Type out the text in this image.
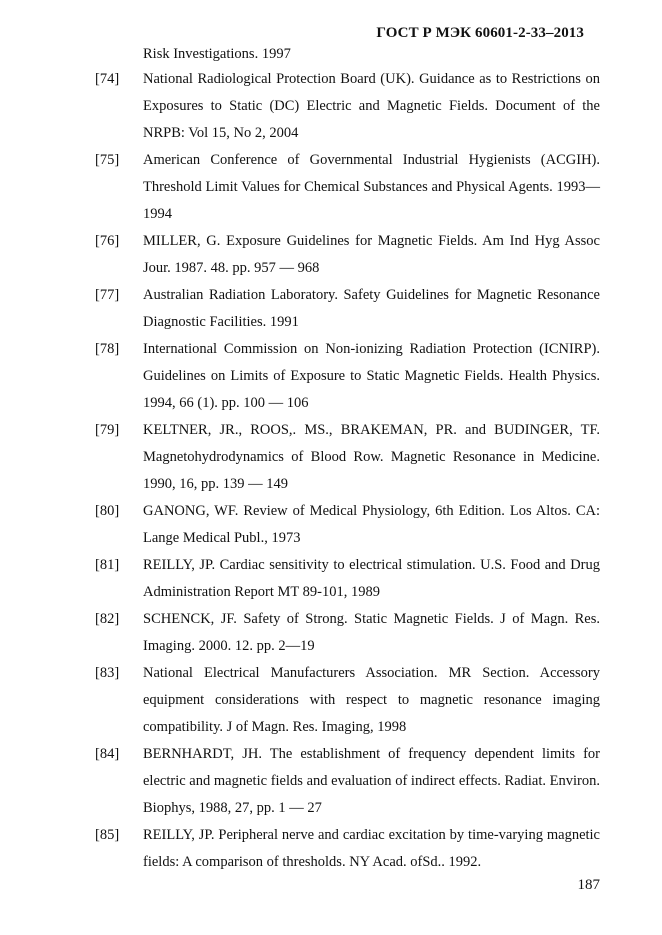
ГОСТ Р МЭК 60601-2-33–2013
Risk Investigations. 1997
[74] National Radiological Protection Board (UK). Guidance as to Restrictions on Exposures to Static (DC) Electric and Magnetic Fields. Document of the NRPB: Vol 15, No 2, 2004
[75] American Conference of Governmental Industrial Hygienists (ACGIH). Threshold Limit Values for Chemical Substances and Physical Agents. 1993—1994
[76] MILLER, G. Exposure Guidelines for Magnetic Fields. Am Ind Hyg Assoc Jour. 1987. 48. pp. 957 — 968
[77] Australian Radiation Laboratory. Safety Guidelines for Magnetic Resonance Diagnostic Facilities. 1991
[78] International Commission on Non-ionizing Radiation Protection (ICNIRP). Guidelines on Limits of Exposure to Static Magnetic Fields. Health Physics. 1994, 66 (1). pp. 100 — 106
[79] KELTNER, JR., ROOS,. MS., BRAKEMAN, PR. and BUDINGER, TF. Magnetohydrodynamics of Blood Row. Magnetic Resonance in Medicine. 1990, 16, pp. 139 — 149
[80] GANONG, WF. Review of Medical Physiology, 6th Edition. Los Altos. CA: Lange Medical Publ., 1973
[81] REILLY, JP. Cardiac sensitivity to electrical stimulation. U.S. Food and Drug Administration Report MT 89-101, 1989
[82] SCHENCK, JF. Safety of Strong. Static Magnetic Fields. J of Magn. Res. Imaging. 2000. 12. pp. 2—19
[83] National Electrical Manufacturers Association. MR Section. Accessory equipment considerations with respect to magnetic resonance imaging compatibility. J of Magn. Res. Imaging, 1998
[84] BERNHARDT, JH. The establishment of frequency dependent limits for electric and magnetic fields and evaluation of indirect effects. Radiat. Environ. Biophys, 1988, 27, pp. 1 — 27
[85] REILLY, JP. Peripheral nerve and cardiac excitation by time-varying magnetic fields: A comparison of thresholds. NY Acad. ofSd.. 1992.
187
